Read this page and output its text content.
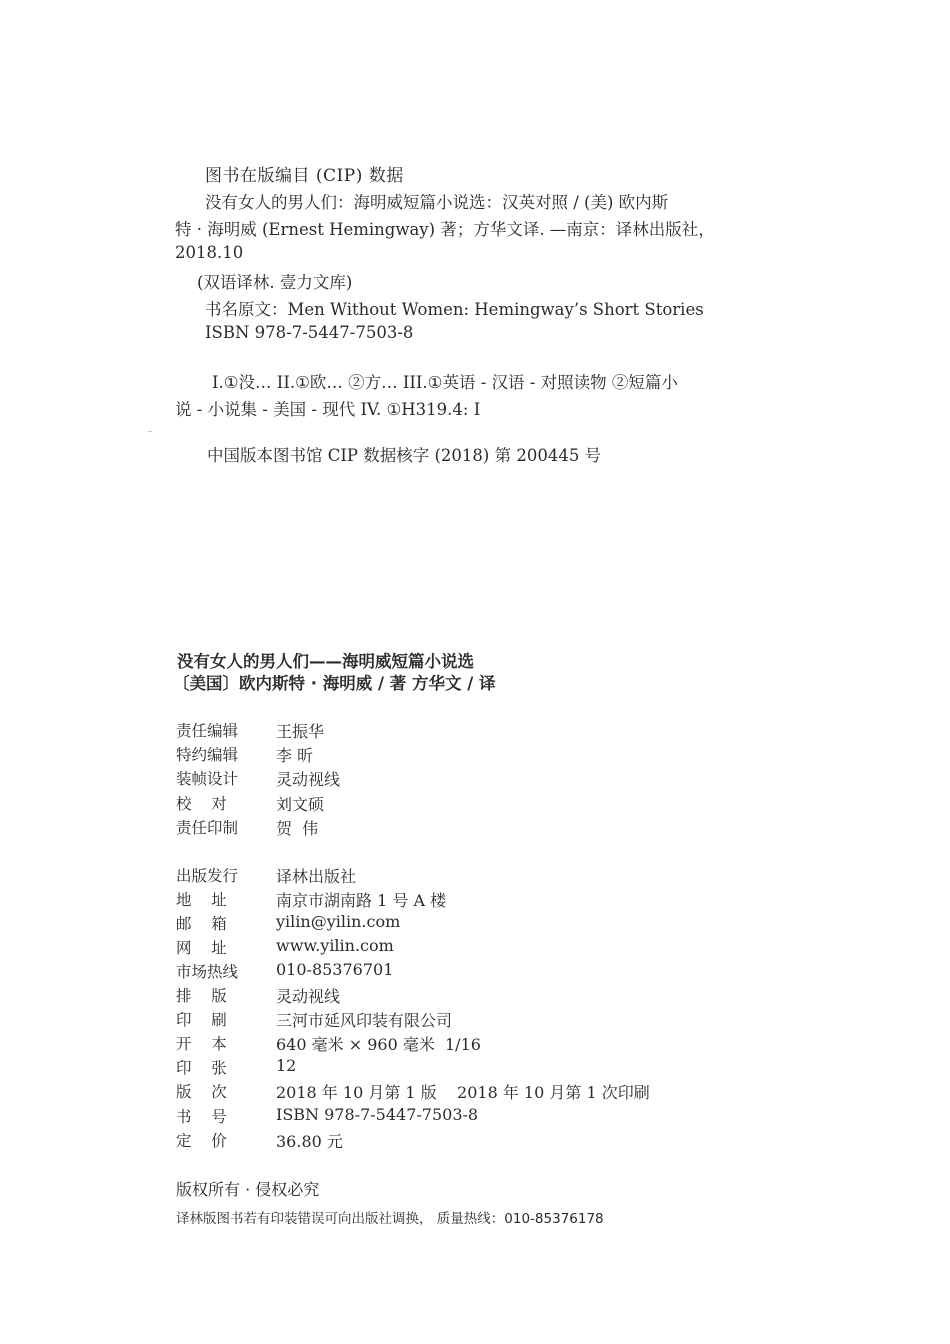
图书在版编目 (CIP) 数据
没有女人的男人们：海明威短篇小说选：汉英对照 / (美) 欧内斯
特 · 海明威 (Ernest Hemingway) 著；方华文译. —南京：译林出版社，
2018.10
(双语译林. 壹力文库)
书名原文：Men Without Women: Hemingway’s Short Stories
ISBN 978-7-5447-7503-8
I.①没… II.①欧… ②方… III.①英语 - 汉语 - 对照读物 ②短篇小
说 - 小说集 - 美国 - 现代 IV. ①H319.4: I
中国版本图书馆 CIP 数据核字 (2018) 第 200445 号
没有女人的男人们——海明威短篇小说选
〔美国〕欧内斯特 · 海明威 / 著 方华文 / 译
责任编辑	王振华
特约编辑	李 昕
装帧设计	灵动视线
校    对	刘文硕
责任印制	贺  伟
出版发行	译林出版社
地    址	南京市湖南路 1 号 A 楼
邮    箱	yilin@yilin.com
网    址	www.yilin.com
市场热线	010-85376701
排    版	灵动视线
印    刷	三河市延风印装有限公司
开    本	640 毫米 × 960 毫米  1/16
印    张	12
版    次	2018 年 10 月第 1 版    2018 年 10 月第 1 次印刷
书    号	ISBN 978-7-5447-7503-8
定    价	36.80 元
版权所有 · 侵权必究
译林版图书若有印装错误可向出版社调换， 质量热线：010-85376178
